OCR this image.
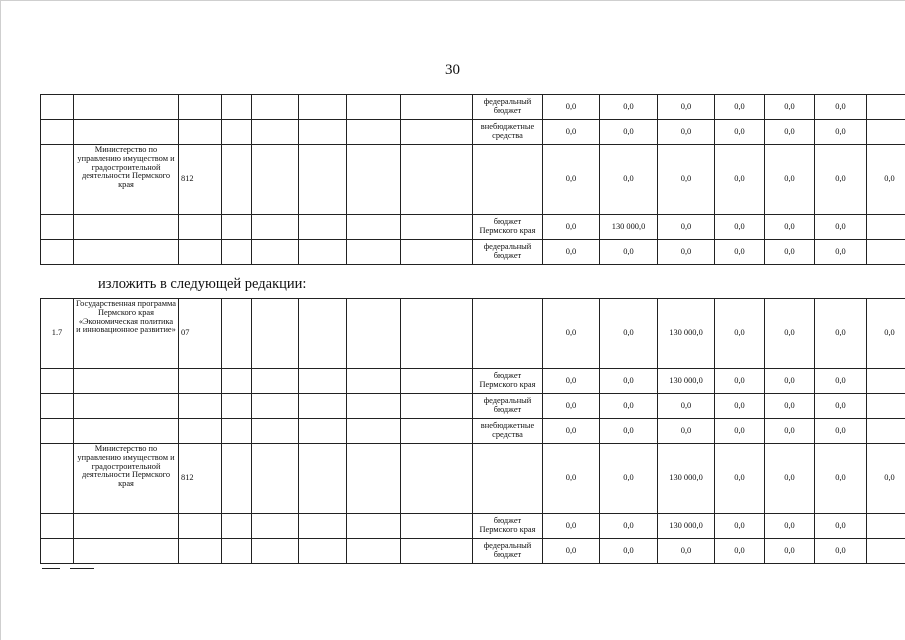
30
								федеральный бюджет	0,0	0,0	0,0	0,0	0,0	0,0	
								внебюджетные средства	0,0	0,0	0,0	0,0	0,0	0,0	
	Министерство по управлению имуществом и градостроительной деятельности Пермского края	812							0,0	0,0	0,0	0,0	0,0	0,0	0,0
								бюджет Пермского края	0,0	130 000,0	0,0	0,0	0,0	0,0	
								федеральный бюджет	0,0	0,0	0,0	0,0	0,0	0,0	
изложить в следующей редакции:
1.7	Государственная программа Пермского края «Экономическая политика и инновационное развитие»	07							0,0	0,0	130 000,0	0,0	0,0	0,0	0,0
								бюджет Пермского края	0,0	0,0	130 000,0	0,0	0,0	0,0	
								федеральный бюджет	0,0	0,0	0,0	0,0	0,0	0,0	
								внебюджетные средства	0,0	0,0	0,0	0,0	0,0	0,0	
	Министерство по управлению имуществом и градостроительной деятельности Пермского края	812							0,0	0,0	130 000,0	0,0	0,0	0,0	0,0
								бюджет Пермского края	0,0	0,0	130 000,0	0,0	0,0	0,0	
								федеральный бюджет	0,0	0,0	0,0	0,0	0,0	0,0	
